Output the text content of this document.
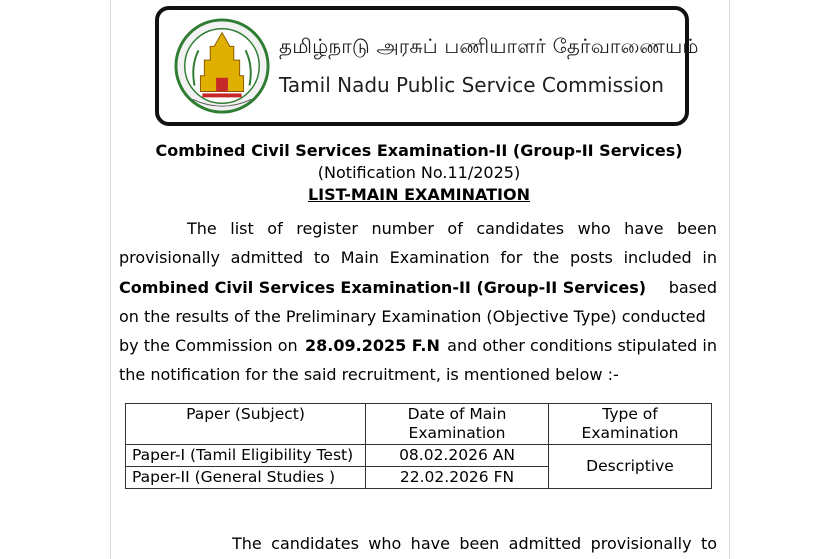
தமிழ்நாடு அரசுப் பணியாளர் தேர்வாணையம்
Tamil Nadu Public Service Commission
Combined Civil Services Examination-II (Group-II Services)
(Notification No.11/2025)
LIST-MAIN EXAMINATION
The list of register number of candidates who have been
provisionally admitted to Main Examination for the posts included in
Combined Civil Services Examination-II (Group-II Services) based
on the results of the Preliminary Examination (Objective Type) conducted
by the Commission on 28.09.2025 F.N and other conditions stipulated in
the notification for the said recruitment, is mentioned below :-
Paper (Subject)	Date of Main Examination	Type of Examination
Paper-I (Tamil Eligibility Test)	08.02.2026 AN	Descriptive
Paper-II (General Studies )	22.02.2026 FN	
The candidates who have been admitted provisionally to
